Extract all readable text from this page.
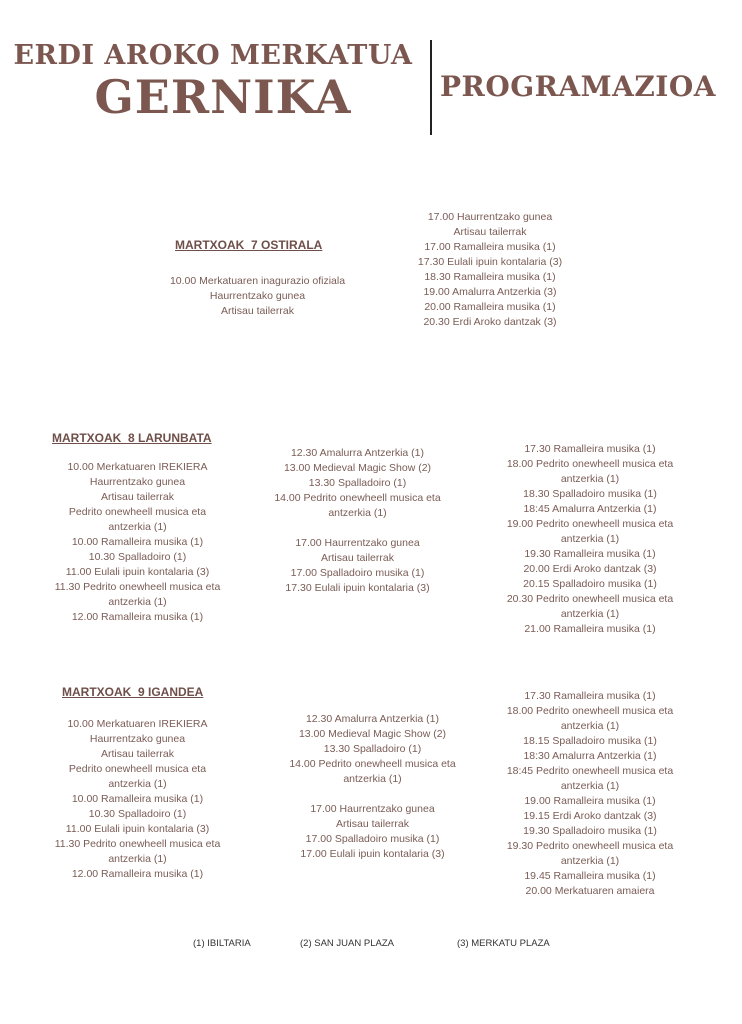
ERDI AROKO MERKATUA
GERNIKA	PROGRAMAZIOA
MARTXOAK_7 OSTIRALA
10.00 Merkatuaren inagurazio ofiziala
Haurrentzako gunea
Artisau tailerrak
17.00 Haurrentzako gunea
Artisau tailerrak
17.00 Ramalleira musika (1)
17.30 Eulali ipuin kontalaria (3)
18.30 Ramalleira musika (1)
19.00 Amalurra Antzerkia (3)
20.00 Ramalleira musika (1)
20.30 Erdi Aroko dantzak (3)
MARTXOAK_8 LARUNBATA
10.00 Merkatuaren IREKIERA
Haurrentzako gunea
Artisau tailerrak
Pedrito onewheell musica eta
antzerkia (1)
10.00 Ramalleira musika (1)
10.30 Spalladoiro (1)
11.00 Eulali ipuin kontalaria (3)
11.30 Pedrito onewheell musica eta
antzerkia (1)
12.00 Ramalleira musika (1)
12.30 Amalurra Antzerkia (1)
13.00 Medieval Magic Show (2)
13.30 Spalladoiro (1)
14.00 Pedrito onewheell musica eta
antzerkia (1)
17.00 Haurrentzako gunea
Artisau tailerrak
17.00 Spalladoiro musika (1)
17.30 Eulali ipuin kontalaria (3)
17.30 Ramalleira musika (1)
18.00 Pedrito onewheell musica eta
antzerkia (1)
18.30 Spalladoiro musika (1)
18:45 Amalurra Antzerkia (1)
19.00 Pedrito onewheell musica eta
antzerkia (1)
19.30 Ramalleira musika (1)
20.00 Erdi Aroko dantzak (3)
20.15 Spalladoiro musika (1)
20.30 Pedrito onewheell musica eta
antzerkia (1)
21.00 Ramalleira musika (1)
MARTXOAK_9 IGANDEA
10.00 Merkatuaren IREKIERA
Haurrentzako gunea
Artisau tailerrak
Pedrito onewheell musica eta
antzerkia (1)
10.00 Ramalleira musika (1)
10.30 Spalladoiro (1)
11.00 Eulali ipuin kontalaria (3)
11.30 Pedrito onewheell musica eta
antzerkia (1)
12.00 Ramalleira musika (1)
12.30 Amalurra Antzerkia (1)
13.00 Medieval Magic Show (2)
13.30 Spalladoiro (1)
14.00 Pedrito onewheell musica eta
antzerkia (1)
17.00 Haurrentzako gunea
Artisau tailerrak
17.00 Spalladoiro musika (1)
17.00 Eulali ipuin kontalaria (3)
17.30 Ramalleira musika (1)
18.00 Pedrito onewheell musica eta
antzerkia (1)
18.15 Spalladoiro musika (1)
18:30 Amalurra Antzerkia (1)
18:45 Pedrito onewheell musica eta
antzerkia (1)
19.00 Ramalleira musika (1)
19.15 Erdi Aroko dantzak (3)
19.30 Spalladoiro musika (1)
19.30 Pedrito onewheell musica eta
antzerkia (1)
19.45 Ramalleira musika (1)
20.00 Merkatuaren amaiera
(1) IBILTARIA	(2) SAN JUAN PLAZA	(3) MERKATU PLAZA
